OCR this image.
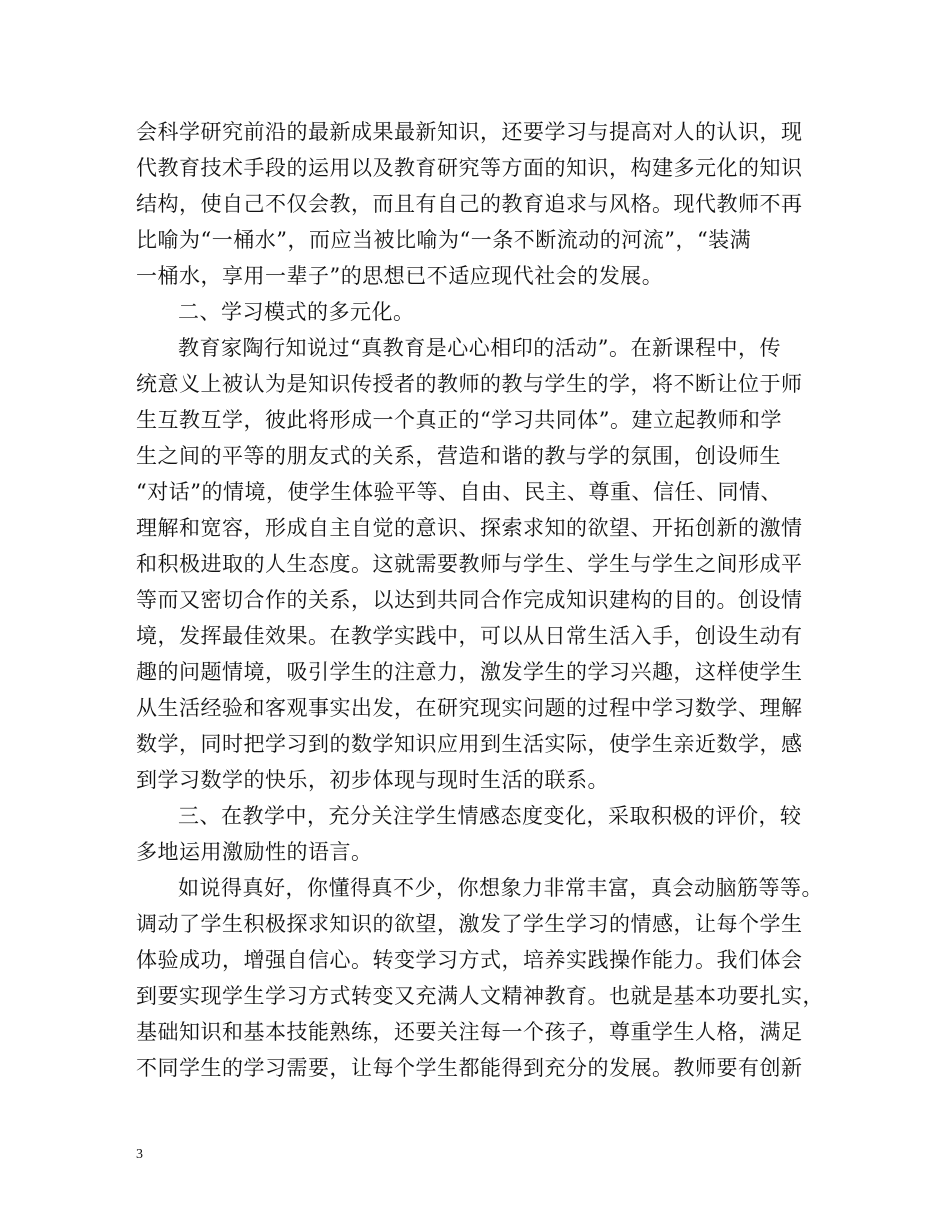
会科学研究前沿的最新成果最新知识，还要学习与提高对人的认识，现
代教育技术手段的运用以及教育研究等方面的知识，构建多元化的知识
结构，使自己不仅会教，而且有自己的教育追求与风格。现代教师不再
比喻为“一桶水”，而应当被比喻为“一条不断流动的河流”，“装满
一桶水，享用一辈子”的思想已不适应现代社会的发展。
二、学习模式的多元化。
教育家陶行知说过“真教育是心心相印的活动”。在新课程中，传
统意义上被认为是知识传授者的教师的教与学生的学，将不断让位于师
生互教互学，彼此将形成一个真正的“学习共同体”。建立起教师和学
生之间的平等的朋友式的关系，营造和谐的教与学的氛围，创设师生
“对话”的情境，使学生体验平等、自由、民主、尊重、信任、同情、
理解和宽容，形成自主自觉的意识、探索求知的欲望、开拓创新的激情
和积极进取的人生态度。这就需要教师与学生、学生与学生之间形成平
等而又密切合作的关系，以达到共同合作完成知识建构的目的。创设情
境，发挥最佳效果。在教学实践中，可以从日常生活入手，创设生动有
趣的问题情境，吸引学生的注意力，激发学生的学习兴趣，这样使学生
从生活经验和客观事实出发，在研究现实问题的过程中学习数学、理解
数学，同时把学习到的数学知识应用到生活实际，使学生亲近数学，感
到学习数学的快乐，初步体现与现时生活的联系。
三、在教学中，充分关注学生情感态度变化，采取积极的评价，较
多地运用激励性的语言。
如说得真好，你懂得真不少，你想象力非常丰富，真会动脑筋等等。
调动了学生积极探求知识的欲望，激发了学生学习的情感，让每个学生
体验成功，增强自信心。转变学习方式，培养实践操作能力。我们体会
到要实现学生学习方式转变又充满人文精神教育。也就是基本功要扎实，
基础知识和基本技能熟练，还要关注每一个孩子，尊重学生人格，满足
不同学生的学习需要，让每个学生都能得到充分的发展。教师要有创新
3
